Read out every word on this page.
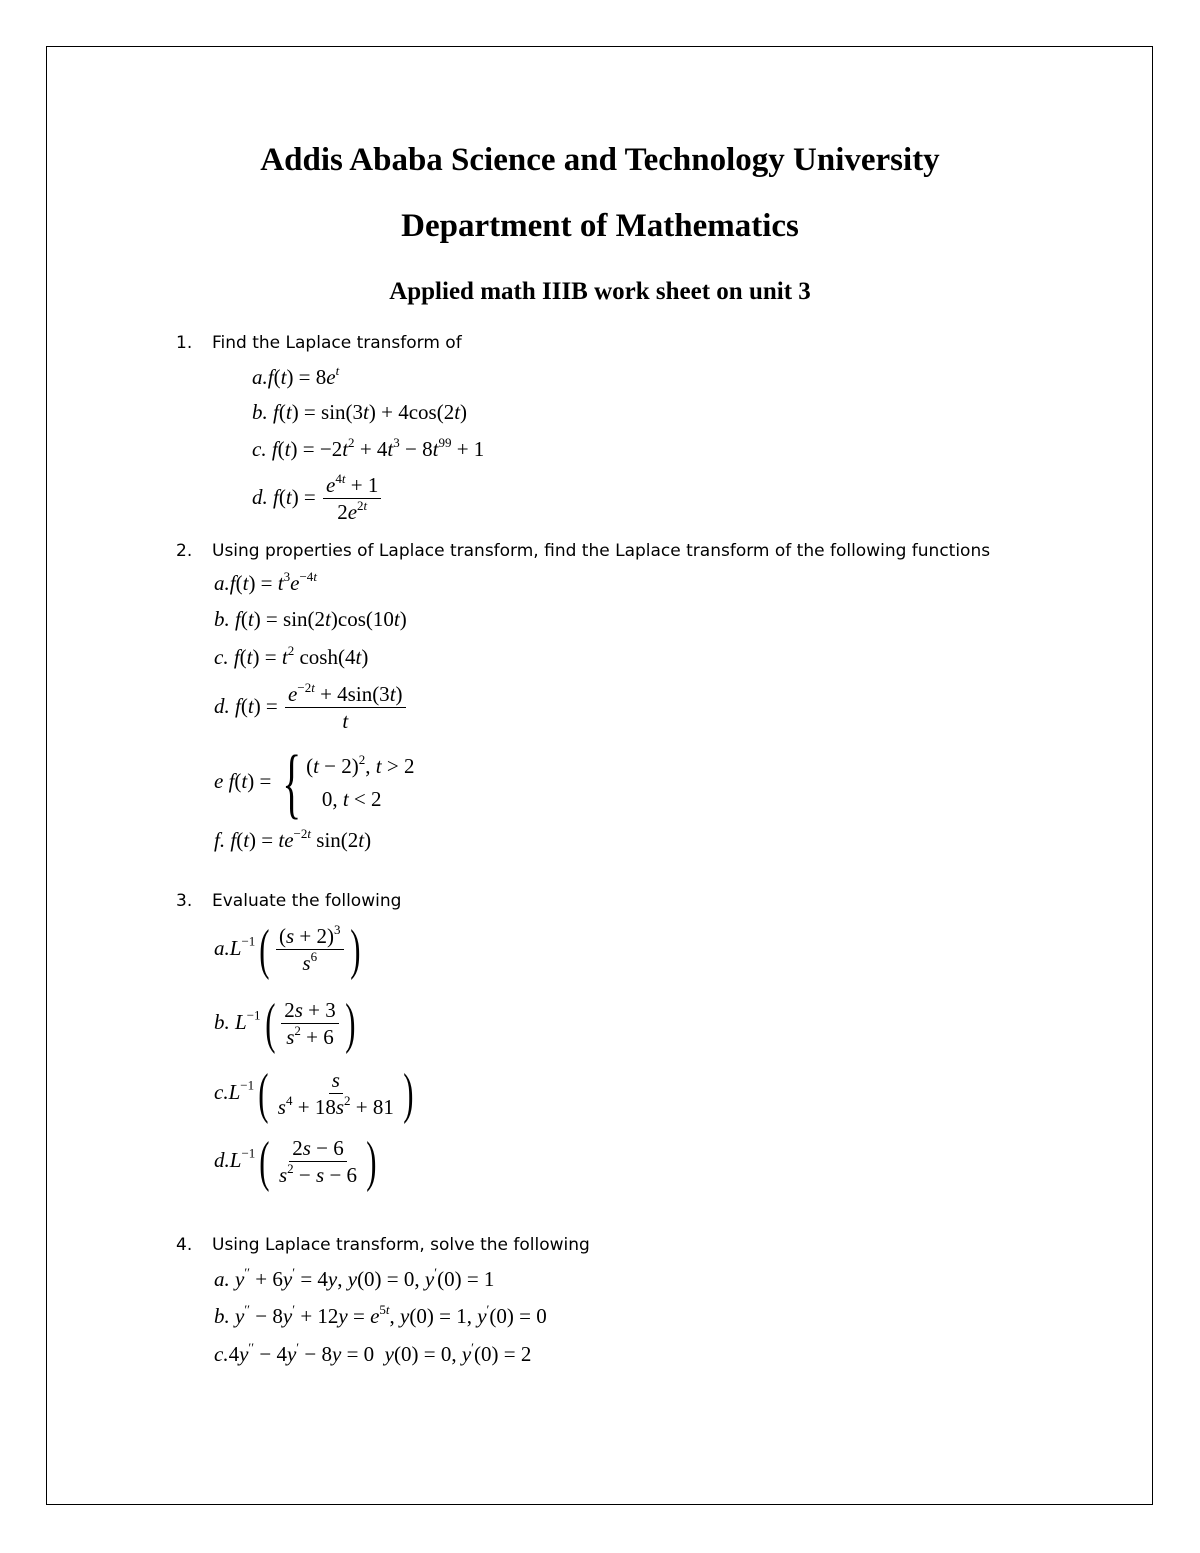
Addis Ababa Science and Technology University
Department of Mathematics
Applied math IIIB work sheet on unit 3
1. Find the Laplace transform of
$a.f(t) = 8e^t$
b. f(t) = sin(3t) + 4cos(2t)
c. $f(t) = -2t^2 + 4t^3 - 8t^{99} + 1$
d. $f(t) = \frac{e^{4t} + 1}{2e^{2t}}$
2. Using properties of Laplace transform, find the Laplace transform of the following functions
$a.f(t) = t^3e^{-4t}$
b. f(t) = sin(2t)cos(10t)
c. $f(t) = t^2$ cosh(4t)
d. $f(t) = \frac{e^{-2t} + 4\sin(3t)}{t}$
e f(t) = { $(t - 2)^2$, t > 2
0, t < 2
f. $f(t) = te^{-2t}$ sin(2t)
3. Evaluate the following
$a.L^{-1}$ ( $\frac{(s + 2)^3}{s^6}$ )
b. $L^{-1}$ ( $\frac{2s + 3}{s^2 + 6}$ )
$c.L^{-1}$ ( $\frac{s}{s^4 + 18s^2 + 81}$ )
$d.L^{-1}$ ( $\frac{2s - 6}{s^2 - s - 6}$ )
4. Using Laplace transform, solve the following
a. y′′ + 6y′ = 4y, y(0) = 0, y′(0) = 1
b. $y'' - 8y' + 12y = e^{5t}$, y(0) = 1, y′(0) = 0
c.4y′′ − 4y′ − 8y = 0  y(0) = 0, y′(0) = 2
